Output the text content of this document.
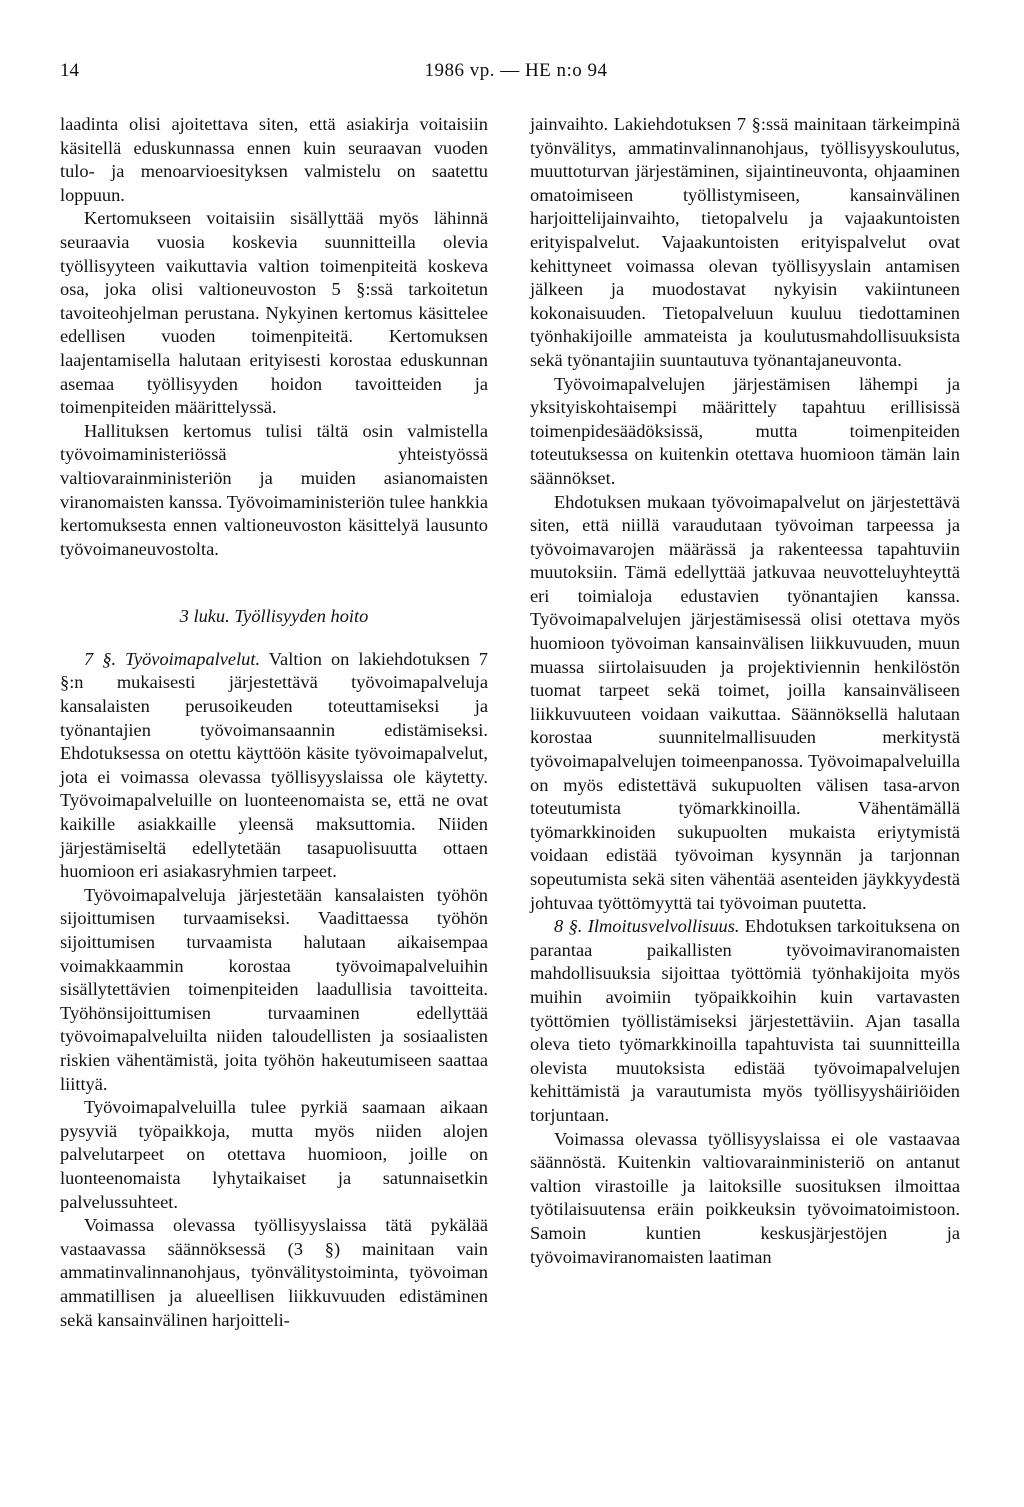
14	1986 vp. — HE n:o 94

laadinta olisi ajoitettava siten, että asiakirja voitaisiin käsitellä eduskunnassa ennen kuin seuraavan vuoden tulo- ja menoarvioesityksen valmistelu on saatettu loppuun.

Kertomukseen voitaisiin sisällyttää myös lähinnä seuraavia vuosia koskevia suunnitteilla olevia työllisyyteen vaikuttavia valtion toimenpiteitä koskeva osa, joka olisi valtioneuvoston 5 §:ssä tarkoitetun tavoiteohjelman perustana. Nykyinen kertomus käsittelee edellisen vuoden toimenpiteitä. Kertomuksen laajentamisella halutaan erityisesti korostaa eduskunnan asemaa työllisyyden hoidon tavoitteiden ja toimenpiteiden määrittelyssä.

Hallituksen kertomus tulisi tältä osin valmistella työvoimaministeriössä yhteistyössä valtiovarainministeriön ja muiden asianomaisten viranomaisten kanssa. Työvoimaministeriön tulee hankkia kertomuksesta ennen valtioneuvoston käsittelyä lausunto työvoimaneuvostolta.

3 luku. Työllisyyden hoito

7 §. Työvoimapalvelut. Valtion on lakiehdotuksen 7 §:n mukaisesti järjestettävä työvoimapalveluja kansalaisten perusoikeuden toteuttamiseksi ja työnantajien työvoimansaannin edistämiseksi. Ehdotuksessa on otettu käyttöön käsite työvoimapalvelut, jota ei voimassa olevassa työllisyyslaissa ole käytetty. Työvoimapalveluille on luonteenomaista se, että ne ovat kaikille asiakkaille yleensä maksuttomia. Niiden järjestämiseltä edellytetään tasapuolisuutta ottaen huomioon eri asiakasryhmien tarpeet.

Työvoimapalveluja järjestetään kansalaisten työhön sijoittumisen turvaamiseksi. Vaadittaessa työhön sijoittumisen turvaamista halutaan aikaisempaa voimakkaammin korostaa työvoimapalveluihin sisällytettävien toimenpiteiden laadullisia tavoitteita. Työhönsijoittumisen turvaaminen edellyttää työvoimapalveluilta niiden taloudellisten ja sosiaalisten riskien vähentämistä, joita työhön hakeutumiseen saattaa liittyä.

Työvoimapalveluilla tulee pyrkiä saamaan aikaan pysyviä työpaikkoja, mutta myös niiden alojen palvelutarpeet on otettava huomioon, joille on luonteenomaista lyhytaikaiset ja satunnaisetkin palvelussuhteet.

Voimassa olevassa työllisyyslaissa tätä pykälää vastaavassa säännöksessä (3 §) mainitaan vain ammatinvalinnanohjaus, työnvälitystoiminta, työvoiman ammatillisen ja alueellisen liikkuvuuden edistäminen sekä kansainvälinen harjoitteli-

jainvaihto. Lakiehdotuksen 7 §:ssä mainitaan tärkeimpinä työnvälitys, ammatinvalinnanohjaus, työllisyyskoulutus, muuttoturvan järjestäminen, sijaintineuvonta, ohjaaminen omatoimiseen työllistymiseen, kansainvälinen harjoittelijainvaihto, tietopalvelu ja vajaakuntoisten erityispalvelut. Vajaakuntoisten erityispalvelut ovat kehittyneet voimassa olevan työllisyyslain antamisen jälkeen ja muodostavat nykyisin vakiintuneen kokonaisuuden. Tietopalveluun kuuluu tiedottaminen työnhakijoille ammateista ja koulutusmahdollisuuksista sekä työnantajiin suuntautuva työnantajaneuvonta.

Työvoimapalvelujen järjestämisen lähempi ja yksityiskohtaisempi määrittely tapahtuu erillisissä toimenpidesäädöksissä, mutta toimenpiteiden toteutuksessa on kuitenkin otettava huomioon tämän lain säännökset.

Ehdotuksen mukaan työvoimapalvelut on järjestettävä siten, että niillä varaudutaan työvoiman tarpeessa ja työvoimavarojen määrässä ja rakenteessa tapahtuviin muutoksiin. Tämä edellyttää jatkuvaa neuvotteluyhteyttä eri toimialoja edustavien työnantajien kanssa. Työvoimapalvelujen järjestämisessä olisi otettava myös huomioon työvoiman kansainvälisen liikkuvuuden, muun muassa siirtolaisuuden ja projektiviennin henkilöstön tuomat tarpeet sekä toimet, joilla kansainväliseen liikkuvuuteen voidaan vaikuttaa. Säännöksellä halutaan korostaa suunnitelmallisuuden merkitystä työvoimapalvelujen toimeenpanossa. Työvoimapalveluilla on myös edistettävä sukupuolten välisen tasa-arvon toteutumista työmarkkinoilla. Vähentämällä työmarkkinoiden sukupuolten mukaista eriytymistä voidaan edistää työvoiman kysynnän ja tarjonnan sopeutumista sekä siten vähentää asenteiden jäykkyydestä johtuvaa työttömyyttä tai työvoiman puutetta.

8 §. Ilmoitusvelvollisuus. Ehdotuksen tarkoituksena on parantaa paikallisten työvoimaviranomaisten mahdollisuuksia sijoittaa työttömiä työnhakijoita myös muihin avoimiin työpaikkoihin kuin vartavasten työttömien työllistämiseksi järjestettäviin. Ajan tasalla oleva tieto työmarkkinoilla tapahtuvista tai suunnitteilla olevista muutoksista edistää työvoimapalvelujen kehittämistä ja varautumista myös työllisyyshäiriöiden torjuntaan.

Voimassa olevassa työllisyyslaissa ei ole vastaavaa säännöstä. Kuitenkin valtiovarainministeriö on antanut valtion virastoille ja laitoksille suosituksen ilmoittaa työtilaisuutensa eräin poikkeuksin työvoimatoimistoon. Samoin kuntien keskusjärjestöjen ja työvoimaviranomaisten laatiman
